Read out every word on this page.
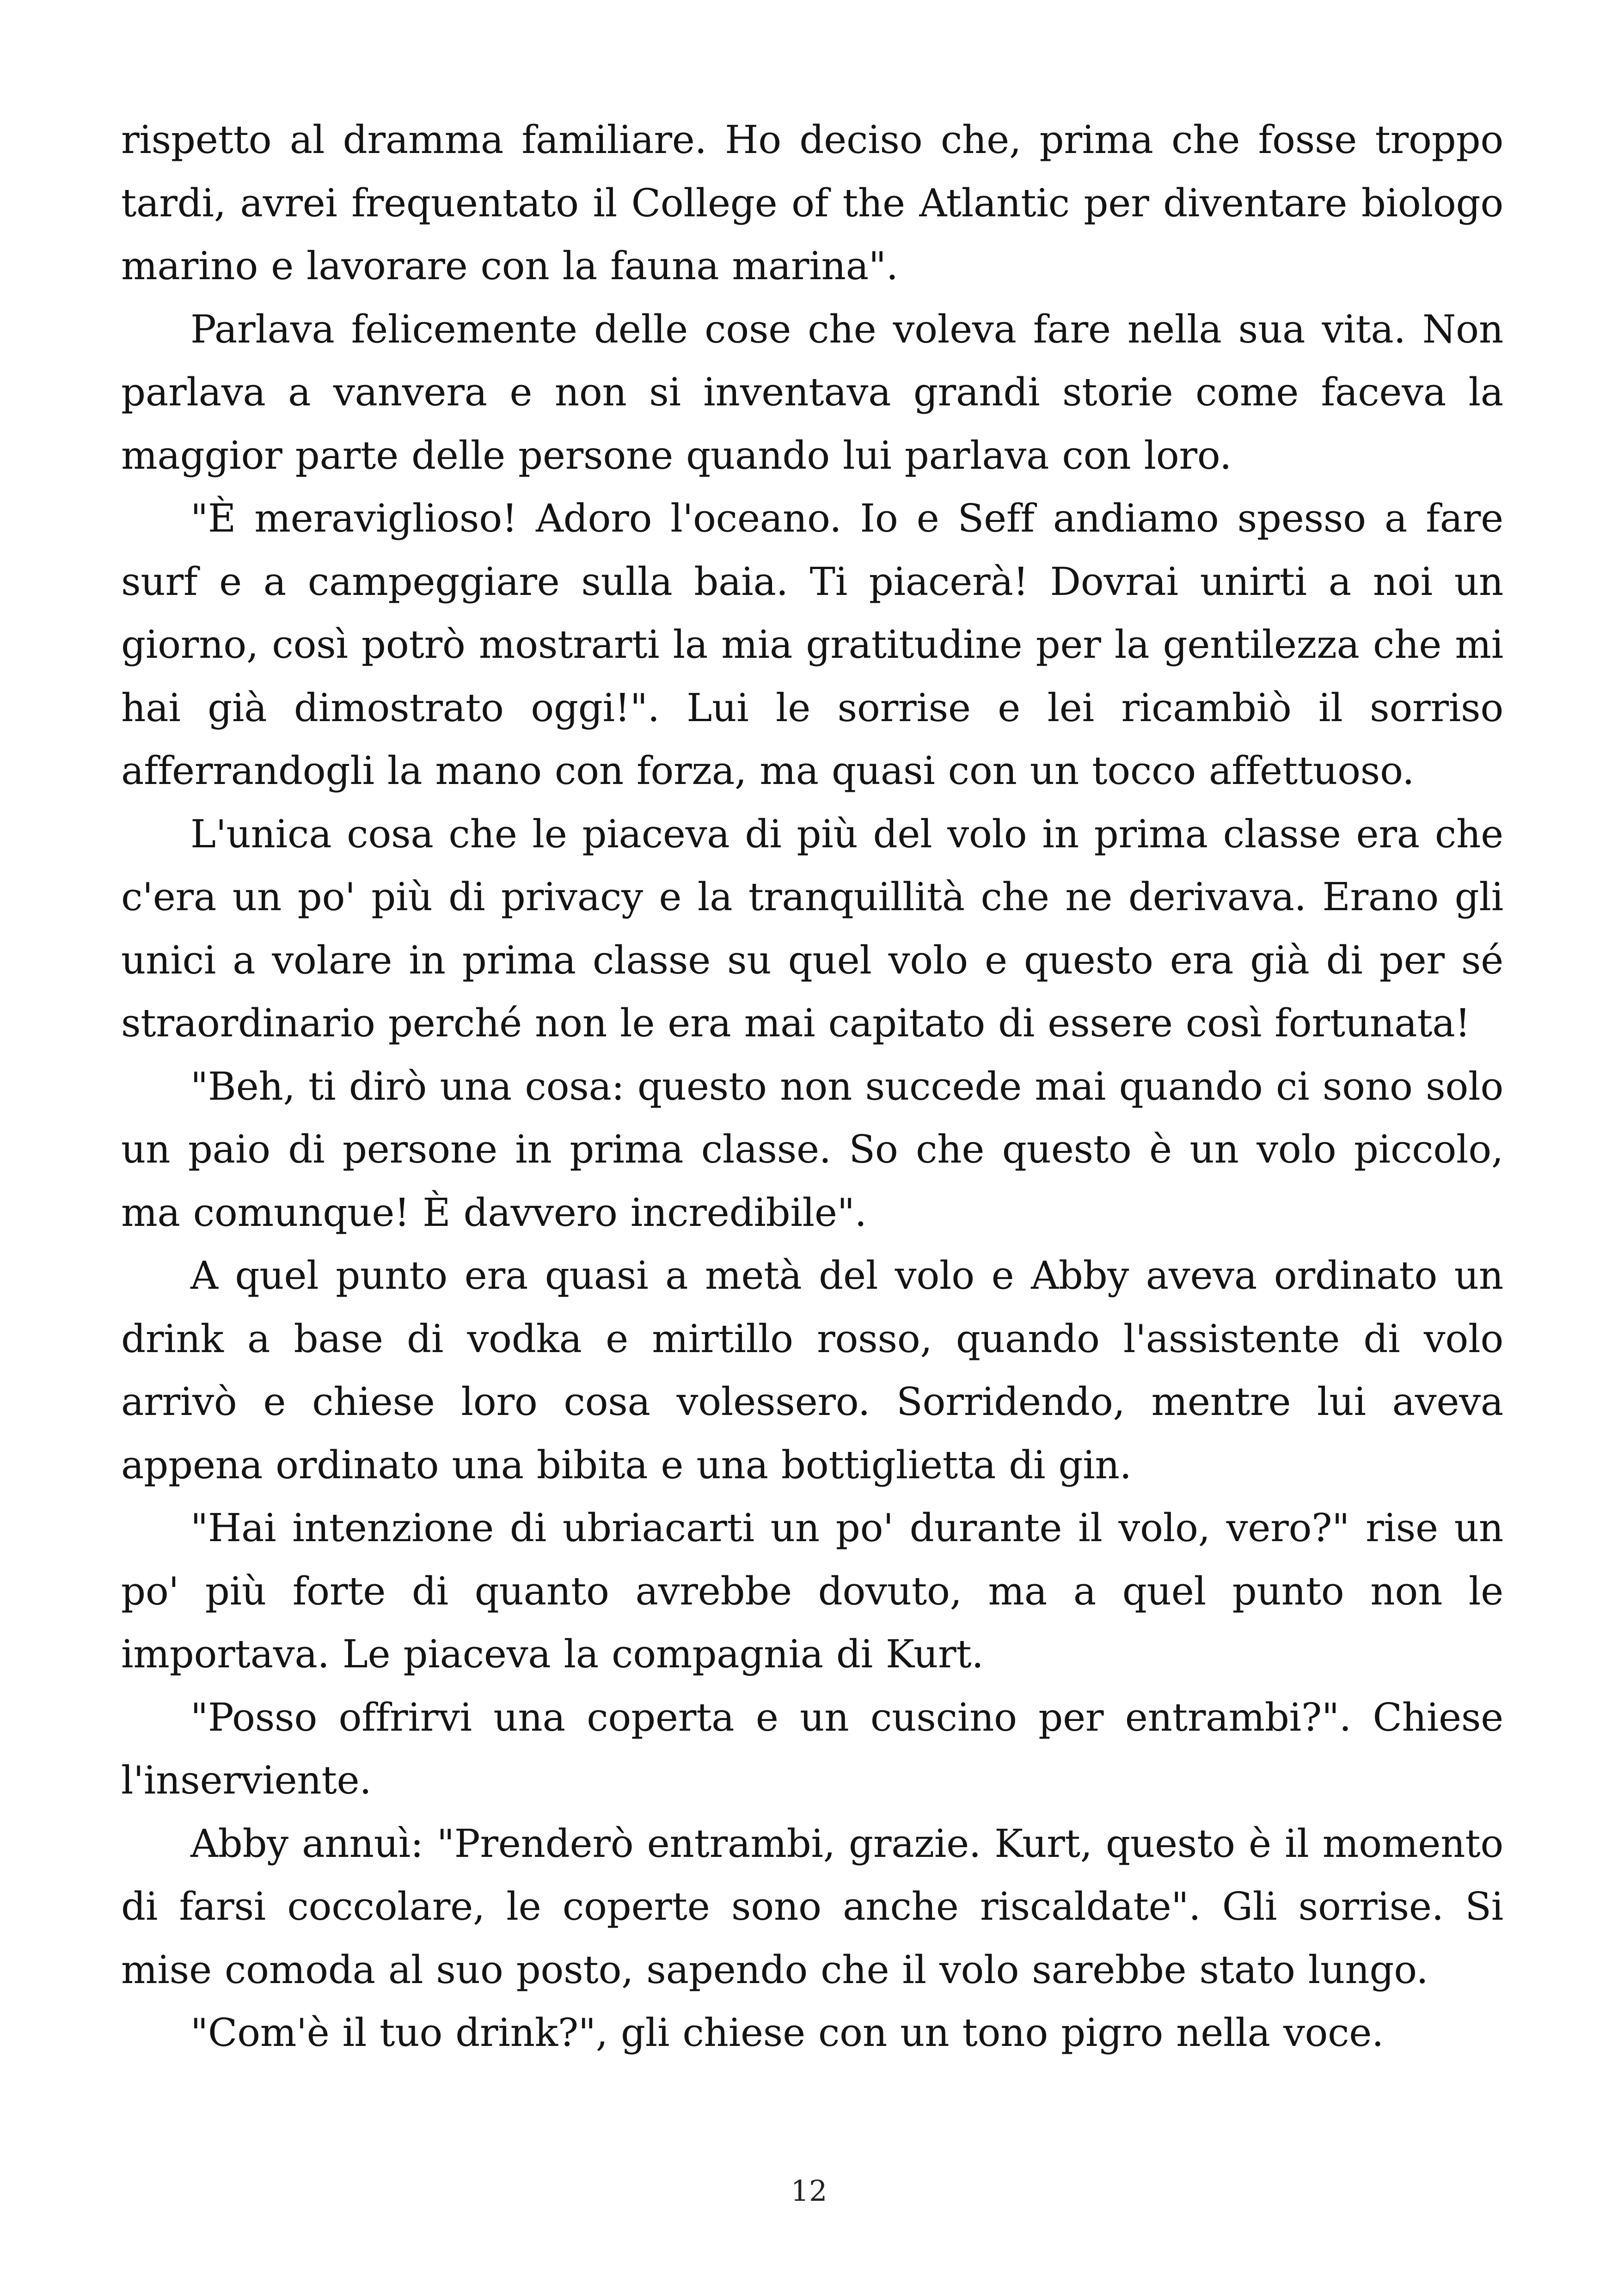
rispetto al dramma familiare. Ho deciso che, prima che fosse troppo tardi, avrei frequentato il College of the Atlantic per diventare biologo marino e lavorare con la fauna marina".

Parlava felicemente delle cose che voleva fare nella sua vita. Non parlava a vanvera e non si inventava grandi storie come faceva la maggior parte delle persone quando lui parlava con loro.

"È meraviglioso! Adoro l'oceano. Io e Seff andiamo spesso a fare surf e a campeggiare sulla baia. Ti piacerà! Dovrai unirti a noi un giorno, così potrò mostrarti la mia gratitudine per la gentilezza che mi hai già dimostrato oggi!". Lui le sorrise e lei ricambiò il sorriso afferrandogli la mano con forza, ma quasi con un tocco affettuoso.

L'unica cosa che le piaceva di più del volo in prima classe era che c'era un po' più di privacy e la tranquillità che ne derivava. Erano gli unici a volare in prima classe su quel volo e questo era già di per sé straordinario perché non le era mai capitato di essere così fortunata!

"Beh, ti dirò una cosa: questo non succede mai quando ci sono solo un paio di persone in prima classe. So che questo è un volo piccolo, ma comunque! È davvero incredibile".

A quel punto era quasi a metà del volo e Abby aveva ordinato un drink a base di vodka e mirtillo rosso, quando l'assistente di volo arrivò e chiese loro cosa volessero. Sorridendo, mentre lui aveva appena ordinato una bibita e una bottiglietta di gin.

"Hai intenzione di ubriacarti un po' durante il volo, vero?" rise un po' più forte di quanto avrebbe dovuto, ma a quel punto non le importava. Le piaceva la compagnia di Kurt.

"Posso offrirvi una coperta e un cuscino per entrambi?". Chiese l'inserviente.

Abby annuì: "Prenderò entrambi, grazie. Kurt, questo è il momento di farsi coccolare, le coperte sono anche riscaldate". Gli sorrise. Si mise comoda al suo posto, sapendo che il volo sarebbe stato lungo.

"Com'è il tuo drink?", gli chiese con un tono pigro nella voce.

12
